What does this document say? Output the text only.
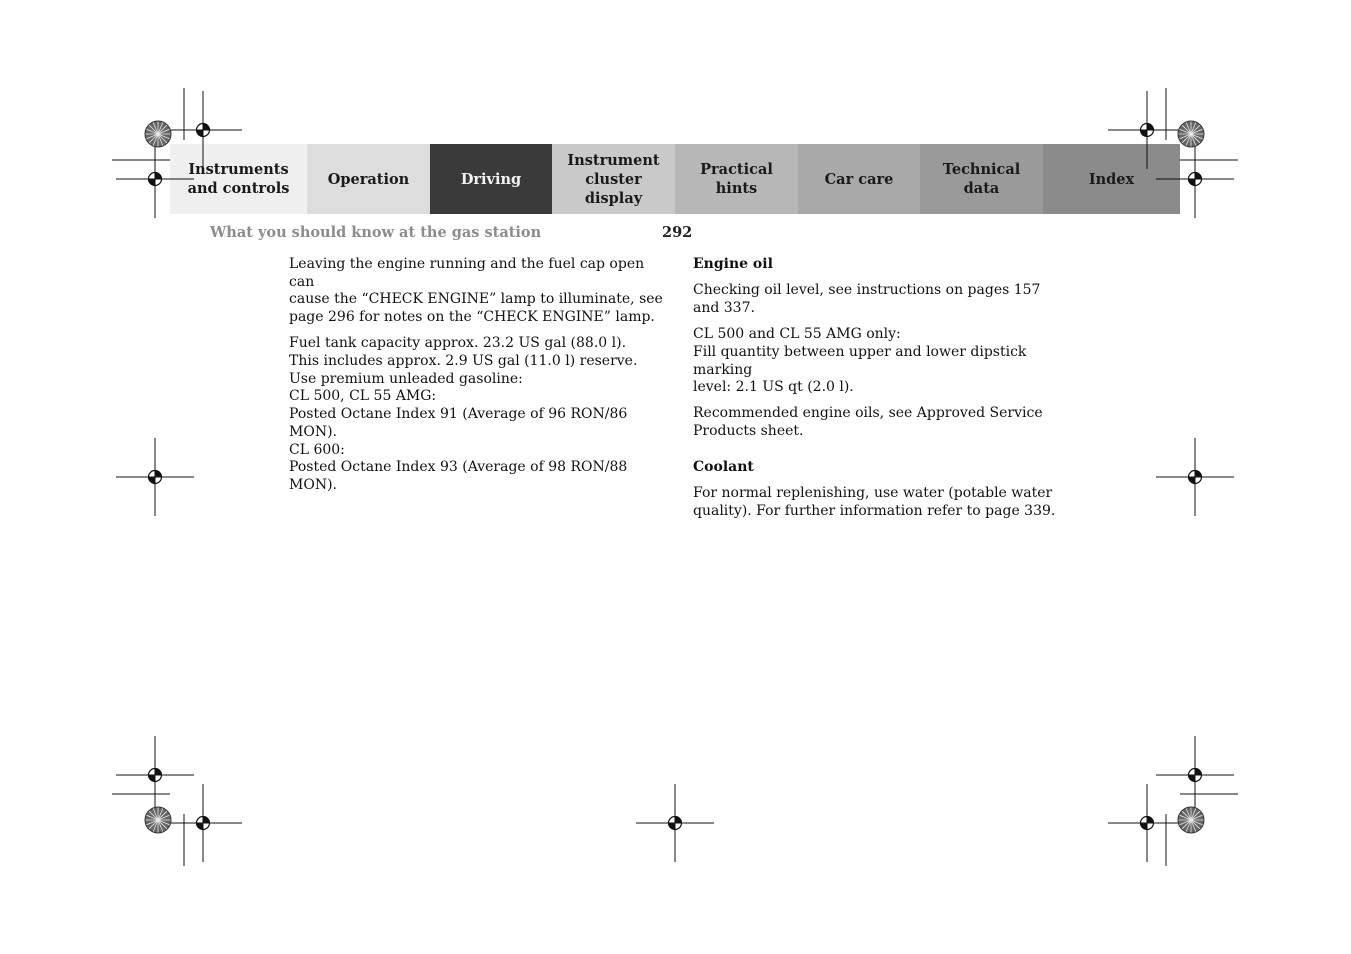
Instruments
and controls
Operation	Driving
Instrument
cluster display
Practical hints
Car care
Technical
data
Index
What you should know at the gas station	292

Leaving the engine running and the fuel cap open can
cause the “CHECK ENGINE” lamp to illuminate, see
page 296 for notes on the “CHECK ENGINE” lamp.

Fuel tank capacity approx. 23.2 US gal (88.0 l).
This includes approx. 2.9 US gal (11.0 l) reserve.
Use premium unleaded gasoline:
CL 500, CL 55 AMG:
Posted Octane Index 91 (Average of 96 RON/86 MON).
CL 600:
Posted Octane Index 93 (Average of 98 RON/88 MON).

Engine oil

Checking oil level, see instructions on pages 157
and 337.

CL 500 and CL 55 AMG only:
Fill quantity between upper and lower dipstick marking
level: 2.1 US qt (2.0 l).

Recommended engine oils, see Approved Service
Products sheet.

Coolant

For normal replenishing, use water (potable water
quality). For further information refer to page 339.
